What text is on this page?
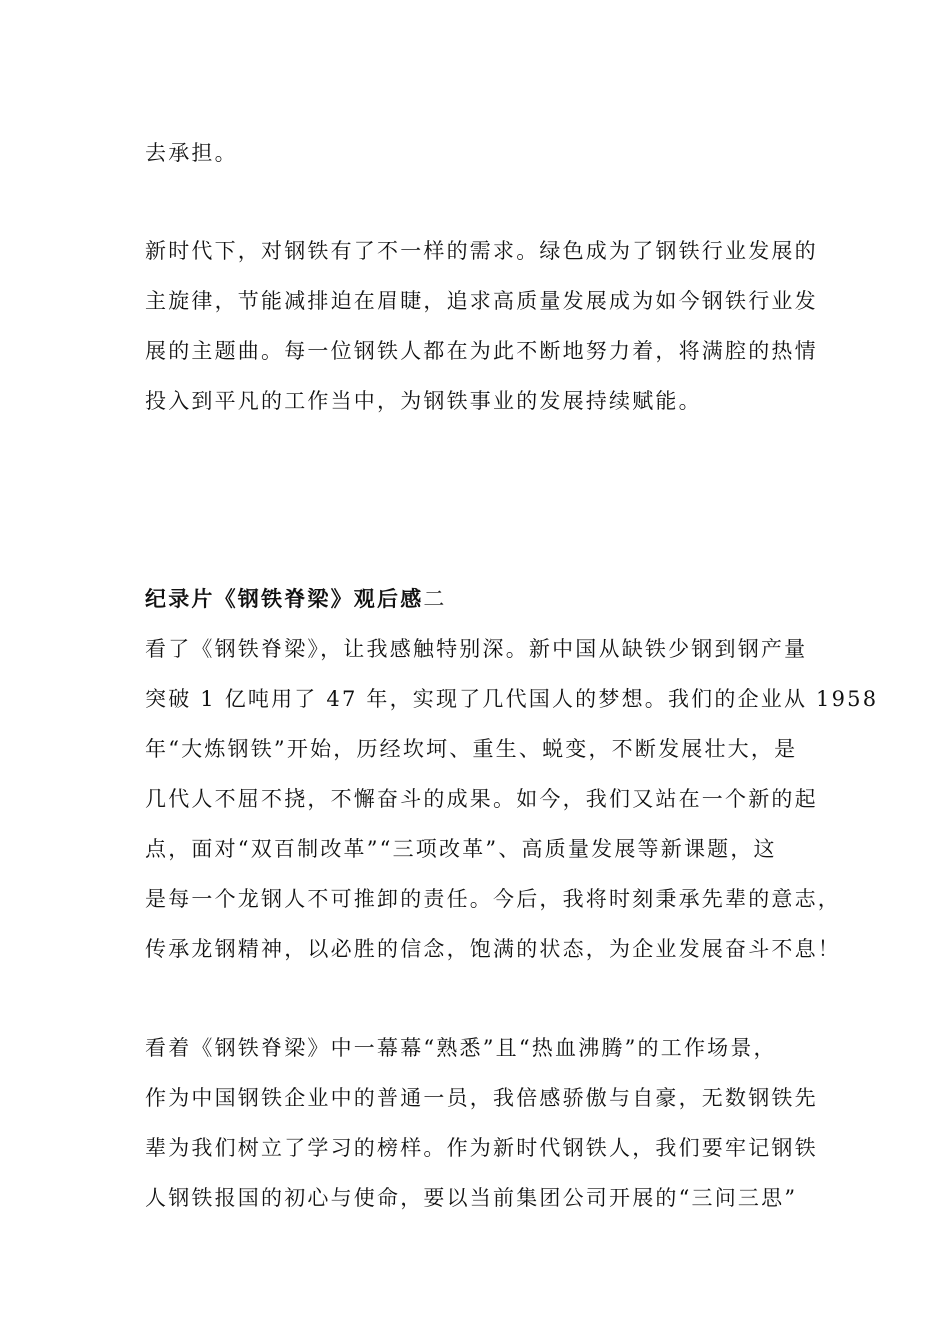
去承担。
新时代下，对钢铁有了不一样的需求。绿色成为了钢铁行业发展的
主旋律，节能减排迫在眉睫，追求高质量发展成为如今钢铁行业发
展的主题曲。每一位钢铁人都在为此不断地努力着，将满腔的热情
投入到平凡的工作当中，为钢铁事业的发展持续赋能。
纪录片《钢铁脊梁》观后感二
看了《钢铁脊梁》，让我感触特别深。新中国从缺铁少钢到钢产量
突破 1 亿吨用了 47 年，实现了几代国人的梦想。我们的企业从 1958
年“大炼钢铁”开始，历经坎坷、重生、蜕变，不断发展壮大，是
几代人不屈不挠，不懈奋斗的成果。如今，我们又站在一个新的起
点，面对“双百制改革”“三项改革”、高质量发展等新课题，这
是每一个龙钢人不可推卸的责任。今后，我将时刻秉承先辈的意志，
传承龙钢精神，以必胜的信念，饱满的状态，为企业发展奋斗不息！
看着《钢铁脊梁》中一幕幕“熟悉”且“热血沸腾”的工作场景，
作为中国钢铁企业中的普通一员，我倍感骄傲与自豪，无数钢铁先
辈为我们树立了学习的榜样。作为新时代钢铁人，我们要牢记钢铁
人钢铁报国的初心与使命，要以当前集团公司开展的“三问三思”
